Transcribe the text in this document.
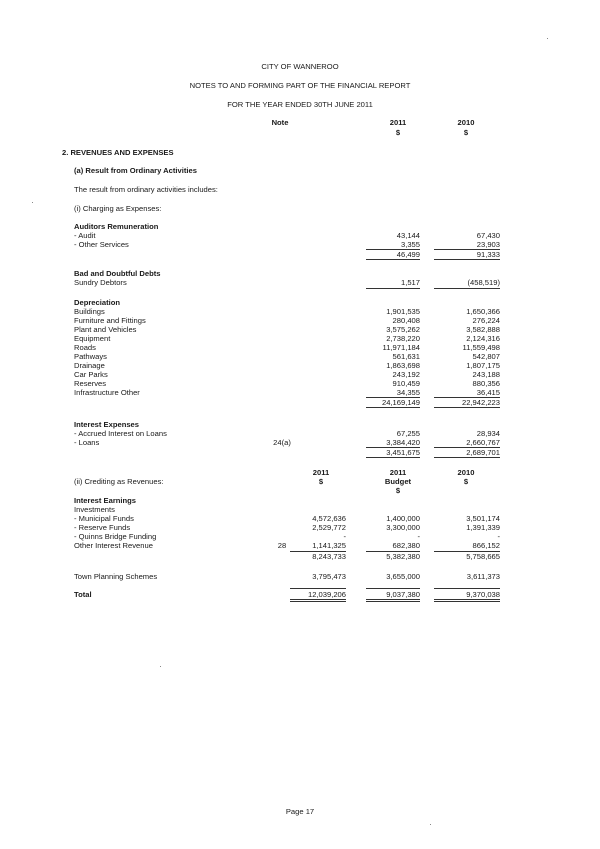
CITY OF WANNEROO
NOTES TO AND FORMING PART OF THE FINANCIAL REPORT
FOR THE YEAR ENDED 30TH JUNE 2011
Note	2011	2010
$	$
2. REVENUES AND EXPENSES
(a) Result from Ordinary Activities
The result from ordinary activities includes:
(i) Charging as Expenses:
Auditors Remuneration
- Audit	43,144	67,430
- Other Services	3,355	23,903
46,499	91,333
Bad and Doubtful Debts
Sundry Debtors	1,517	(458,519)
Depreciation
Buildings	1,901,535	1,650,366
Furniture and Fittings	280,408	276,224
Plant and Vehicles	3,575,262	3,582,888
Equipment	2,738,220	2,124,316
Roads	11,971,184	11,559,498
Pathways	561,631	542,807
Drainage	1,863,698	1,807,175
Car Parks	243,192	243,188
Reserves	910,459	880,356
Infrastructure Other	34,355	36,415
24,169,149	22,942,223
Interest Expenses
- Accrued Interest on Loans	67,255	28,934
- Loans	24(a)	3,384,420	2,660,767
3,451,675	2,689,701
2011	2011	2010
$	Budget	$
$
(ii) Crediting as Revenues:
Interest Earnings
Investments
- Municipal Funds	4,572,636	1,400,000	3,501,174
- Reserve Funds	2,529,772	3,300,000	1,391,339
- Quinns Bridge Funding	-	-	-
Other Interest Revenue	28	1,141,325	682,380	866,152
8,243,733	5,382,380	5,758,665
Town Planning Schemes	3,795,473	3,655,000	3,611,373
Total	12,039,206	9,037,380	9,370,038
Page 17
